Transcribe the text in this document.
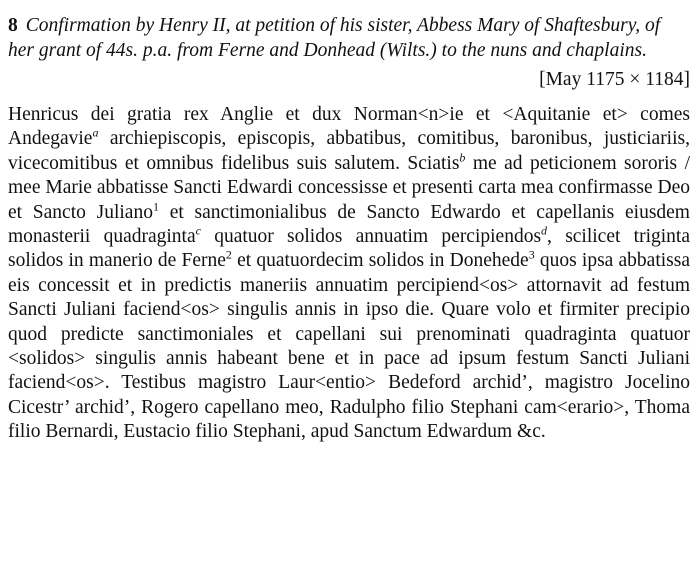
8 Confirmation by Henry II, at petition of his sister, Abbess Mary of Shaftesbury, of her grant of 44s. p.a. from Ferne and Donhead (Wilts.) to the nuns and chaplains.

[May 1175 × 1184]
Henricus dei gratia rex Anglie et dux Norman<n>ie et <Aquitanie et> comes Andegavie$^a$ archiepiscopis, episcopis, abbatibus, comitibus, baronibus, justiciariis, vicecomitibus et omnibus fidelibus suis salutem. Sciatis$^b$ me ad peticionem sororis / mee Marie abbatisse Sancti Edwardi concessisse et presenti carta mea confirmasse Deo et Sancto Juliano$^1$ et sanctimonialibus de Sancto Edwardo et capellanis eiusdem monasterii quadraginta$^c$ quatuor solidos annuatim percipiendos$^d$, scilicet triginta solidos in manerio de Ferne$^2$ et quatuordecim solidos in Donehede$^3$ quos ipsa abbatissa eis concessit et in predictis maneriis annuatim percipiend<os> attornavit ad festum Sancti Juliani faciend<os> singulis annis in ipso die. Quare volo et firmiter precipio quod predicte sanctimoniales et capellani sui prenominati quadraginta quatuor <solidos> singulis annis habeant bene et in pace ad ipsum festum Sancti Juliani faciend<os>. Testibus magistro Laur<entio> Bedeford archid’, magistro Jocelino Cicestr’ archid’, Rogero capellano meo, Radulpho filio Stephani cam<erario>, Thoma filio Bernardi, Eustacio filio Stephani, apud Sanctum Edwardum &c.
